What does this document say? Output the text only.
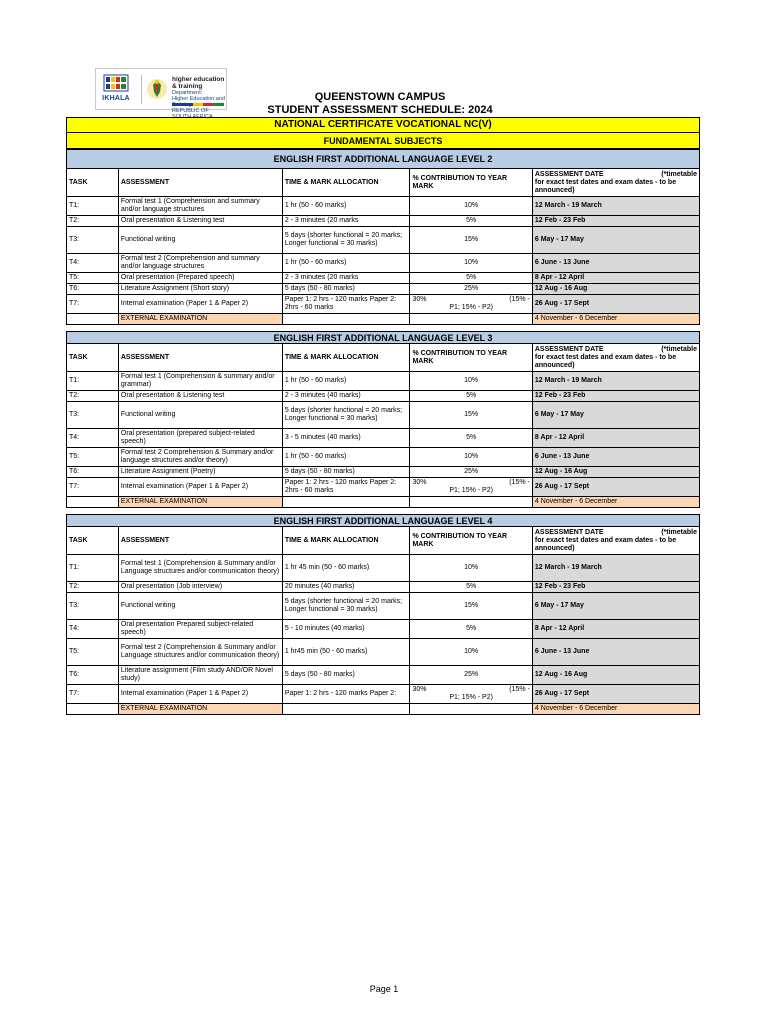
IKHALA
higher education
& training
Department:
Higher Education and
REPUBLIC OF
QUEENSTOWN CAMPUS
STUDENT ASSESSMENT SCHEDULE: 2024
NATIONAL CERTIFICATE VOCATIONAL NC(V)
FUNDAMENTAL SUBJECTS
ENGLISH FIRST ADDITIONAL LANGUAGE LEVEL 2				
TASK	ASSESSMENT	TIME & MARK ALLOCATION	% CONTRIBUTION TO YEAR MARK	ASSESSMENT DATE (*timetable
for exact test dates and exam dates - to be announced)

T1:	Formal test 1 (Comprehension and summary and/or language structures	1 hr (50 - 60 marks)	10%	12 March - 19 March
T2:	Oral presentation & Listening test	2 - 3 minutes (20 marks	5%	12 Feb - 23 Feb
T3:	Functional writing	5 days (shorter functional = 20 marks; Longer functional = 30 marks)	15%	6 May - 17 May
T4:	Formal test 2 (Comprehension and summary and/or language structures	1 hr (50 - 60 marks)	10%	6 June - 13 June
T5:	Oral presentation (Prepared speech)	2 - 3 minutes (20 marks	5%	8 Apr - 12 April
T6:	Literature Assignment (Short story)	5 days (50 - 80 marks)	25%	12 Aug - 16 Aug
T7:	Internal examination (Paper 1 & Paper 2)	Paper 1: 2 hrs - 120 marks Paper 2: 2hrs - 60 marks	30% (15% -
P1; 15% - P2)	26 Aug - 17 Sept
	EXTERNAL EXAMINATION			4 November - 6 December
ENGLISH FIRST ADDITIONAL LANGUAGE LEVEL 3				
TASK	ASSESSMENT	TIME & MARK ALLOCATION	% CONTRIBUTION TO YEAR MARK	ASSESSMENT DATE (*timetable
for exact test dates and exam dates - to be announced)

T1:	Formal test 1 (Comprehension & summary and/or grammar)	1 hr (50 - 60 marks)	10%	12 March - 19 March
T2:	Oral presentation & Listening test	2 - 3 minutes (40 marks)	5%	12 Feb - 23 Feb
T3:	Functional writing	5 days (shorter functional = 20 marks; Longer functional = 30 marks)	15%	6 May - 17 May
T4:	Oral presentation (prepared subject-related speech)	3 - 5 minutes (40 marks)	5%	8 Apr - 12 April
T5:	Formal test 2 Comprehension & Summary and/or language structures and/or theory)	1 hr (50 - 60 marks)	10%	6 June - 13 June
T6:	Literature Assignment (Poetry)	5 days (50 - 80 marks)	25%	12 Aug - 16 Aug
T7:	Internal examination (Paper 1 & Paper 2)	Paper 1: 2 hrs - 120 marks Paper 2: 2hrs - 60 marks	30% (15% -
P1; 15% - P2)	26 Aug - 17 Sept
	EXTERNAL EXAMINATION			4 November - 6 December
ENGLISH FIRST ADDITIONAL LANGUAGE LEVEL 4				
TASK	ASSESSMENT	TIME & MARK ALLOCATION	% CONTRIBUTION TO YEAR MARK	ASSESSMENT DATE (*timetable
for exact test dates and exam dates - to be announced)

T1:	Formal test 1 (Comprehension & Summary and/or Language structures and/or communication theory)	1 hr 45 min (50 - 60 marks)	10%	12 March - 19 March
T2:	Oral presentation (Job interview)	20 minutes (40 marks)	5%	12 Feb - 23 Feb
T3:	Functional writing	5 days (shorter functional = 20 marks; Longer functional = 30 marks)	15%	6 May - 17 May
T4:	Oral presentation Prepared subject-related speech)	5 - 10 minutes (40 marks)	5%	8 Apr - 12 April
T5:	Formal test 2 (Comprehension & Summary and/or Language structures and/or communication theory)	1 hr45 min (50 - 60 marks)	10%	6 June - 13 June
T6:	Literature assignment (Film study AND/OR Novel study)	5 days (50 - 80 marks)	25%	12 Aug - 16 Aug
T7:	Internal examination (Paper 1 & Paper 2)	Paper 1: 2 hrs - 120 marks Paper 2:	30% (15% -
P1; 15% - P2)	26 Aug - 17 Sept
	EXTERNAL EXAMINATION			4 November - 6 December
Page 1
